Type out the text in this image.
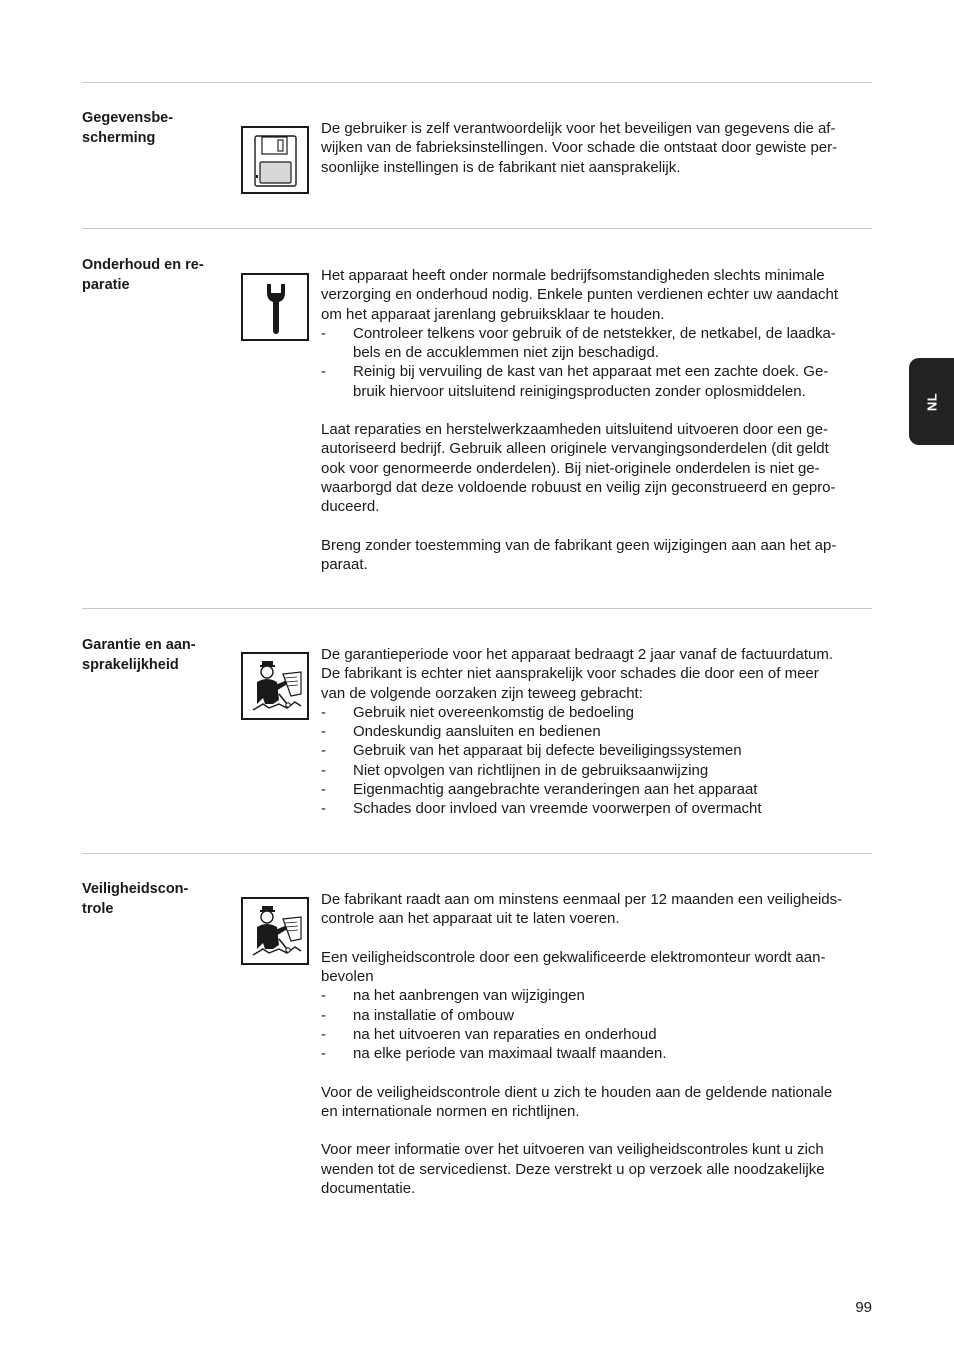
Gegevensbe-
scherming
De gebruiker is zelf verantwoordelijk voor het beveiligen van gegevens die af-
wijken van de fabrieksinstellingen. Voor schade die ontstaat door gewiste per-
soonlijke instellingen is de fabrikant niet aansprakelijk.
Onderhoud en re-
paratie
Het apparaat heeft onder normale bedrijfsomstandigheden slechts minimale
verzorging en onderhoud nodig. Enkele punten verdienen echter uw aandacht
om het apparaat jarenlang gebruiksklaar te houden.
- Controleer telkens voor gebruik of de netstekker, de netkabel, de laadka-
bels en de accuklemmen niet zijn beschadigd.
- Reinig bij vervuiling de kast van het apparaat met een zachte doek. Ge-
bruik hiervoor uitsluitend reinigingsproducten zonder oplosmiddelen.
Laat reparaties en herstelwerkzaamheden uitsluitend uitvoeren door een ge-
autoriseerd bedrijf. Gebruik alleen originele vervangingsonderdelen (dit geldt
ook voor genormeerde onderdelen). Bij niet-originele onderdelen is niet ge-
waarborgd dat deze voldoende robuust en veilig zijn geconstrueerd en gepro-
duceerd.
Breng zonder toestemming van de fabrikant geen wijzigingen aan aan het ap-
paraat.
Garantie en aan-
sprakelijkheid
De garantieperiode voor het apparaat bedraagt 2 jaar vanaf de factuurdatum.
De fabrikant is echter niet aansprakelijk voor schades die door een of meer
van de volgende oorzaken zijn teweeg gebracht:
- Gebruik niet overeenkomstig de bedoeling
- Ondeskundig aansluiten en bedienen
- Gebruik van het apparaat bij defecte beveiligingssystemen
- Niet opvolgen van richtlijnen in de gebruiksaanwijzing
- Eigenmachtig aangebrachte veranderingen aan het apparaat
- Schades door invloed van vreemde voorwerpen of overmacht
Veiligheidscon-
trole
De fabrikant raadt aan om minstens eenmaal per 12 maanden een veiligheids-
controle aan het apparaat uit te laten voeren.
Een veiligheidscontrole door een gekwalificeerde elektromonteur wordt aan-
bevolen
- na het aanbrengen van wijzigingen
- na installatie of ombouw
- na het uitvoeren van reparaties en onderhoud
- na elke periode van maximaal twaalf maanden.
Voor de veiligheidscontrole dient u zich te houden aan de geldende nationale
en internationale normen en richtlijnen.
Voor meer informatie over het uitvoeren van veiligheidscontroles kunt u zich
wenden tot de servicedienst. Deze verstrekt u op verzoek alle noodzakelijke
documentatie.
NL
99
